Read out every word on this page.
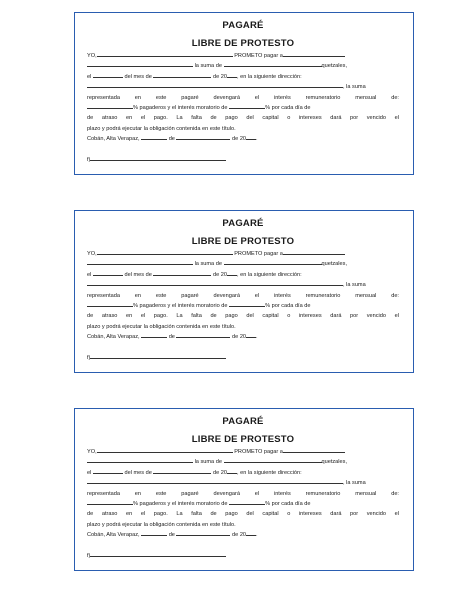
PAGARÉ

LIBRE DE PROTESTO

YO,	PROMETO pagar a

la suma de	quetzales,

el	del mes de	de 20 , en la siguiente dirección:

, la suma

representada en este pagaré devengará el interés remuneratorio mensual de:

% pagaderos y el interés moratorio de	% por cada día de

de atraso en el pago. La falta de pago del capital o intereses dará por vencido el

plazo y podrá ejecutar la obligación contenida en este título.

Cobán, Alta Verapaz,	de	de 20 .

f)

PAGARÉ

LIBRE DE PROTESTO

YO,	PROMETO pagar a

la suma de	quetzales,

el	del mes de	de 20 , en la siguiente dirección:

, la suma

representada en este pagaré devengará el interés remuneratorio mensual de:

% pagaderos y el interés moratorio de	% por cada día de

de atraso en el pago. La falta de pago del capital o intereses dará por vencido el

plazo y podrá ejecutar la obligación contenida en este título.

Cobán, Alta Verapaz,	de	de 20 .

f)

PAGARÉ

LIBRE DE PROTESTO

YO,	PROMETO pagar a

la suma de	quetzales,

el	del mes de	de 20 , en la siguiente dirección:

, la suma

representada en este pagaré devengará el interés remuneratorio mensual de:

% pagaderos y el interés moratorio de	% por cada día de

de atraso en el pago. La falta de pago del capital o intereses dará por vencido el

plazo y podrá ejecutar la obligación contenida en este título.

Cobán, Alta Verapaz,	de	de 20 .

f)
